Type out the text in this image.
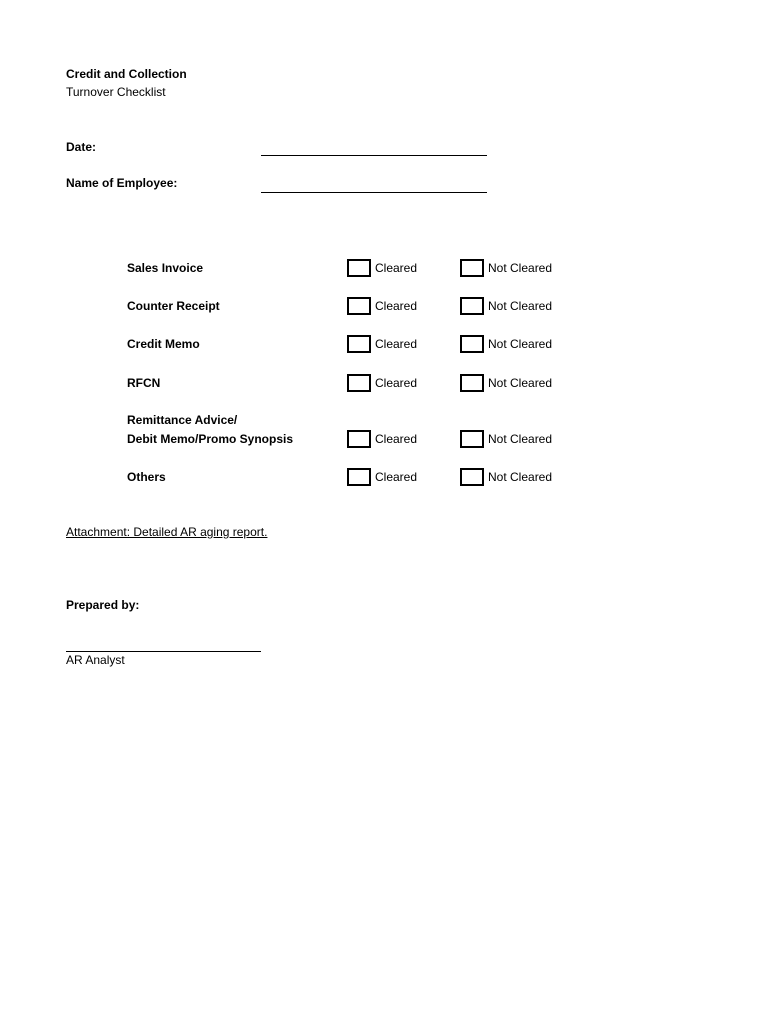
Credit and Collection
Turnover Checklist
Date:
Name of Employee:
Sales Invoice	Cleared	Not Cleared
Counter Receipt	Cleared	Not Cleared
Credit Memo	Cleared	Not Cleared
RFCN	Cleared	Not Cleared
Remittance Advice/
Debit Memo/Promo Synopsis	Cleared	Not Cleared
Others	Cleared	Not Cleared
Attachment: Detailed AR aging report.
Prepared by:
AR Analyst
